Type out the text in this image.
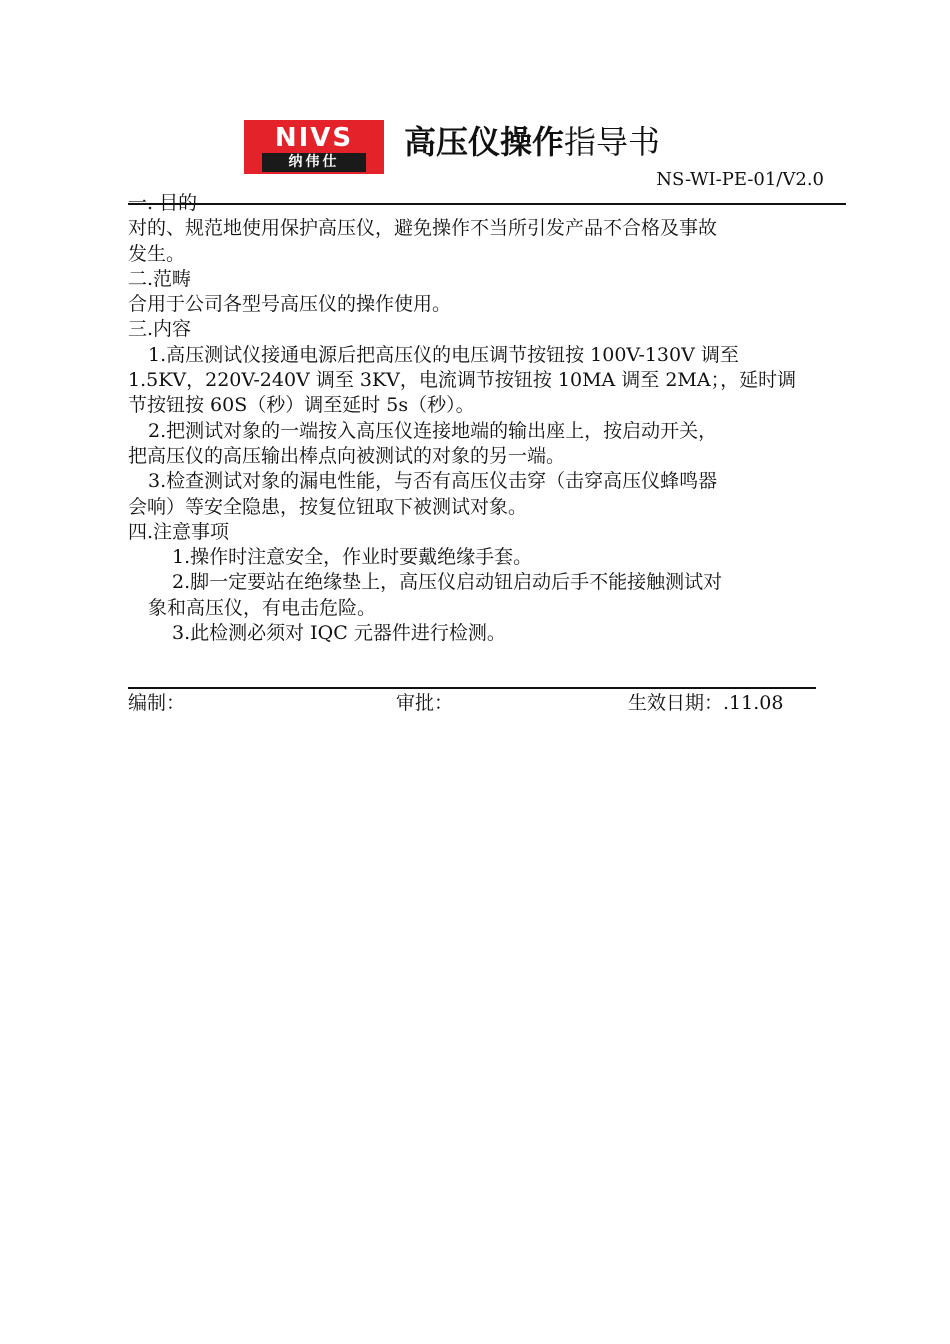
NIVS
纳伟仕
高压仪操作指导书
NS-WI-PE-01/V2.0
一. 目的
对的、规范地使用保护高压仪，避免操作不当所引发产品不合格及事故
发生。
二.范畴
合用于公司各型号高压仪的操作使用。
三.内容
1.高压测试仪接通电源后把高压仪的电压调节按钮按 100V-130V 调至
1.5KV，220V-240V 调至 3KV，电流调节按钮按 10MA 调至 2MA；，延时调
节按钮按 60S（秒）调至延时 5s（秒）。
2.把测试对象的一端按入高压仪连接地端的输出座上，按启动开关，
把高压仪的高压输出棒点向被测试的对象的另一端。
3.检查测试对象的漏电性能，与否有高压仪击穿（击穿高压仪蜂鸣器
会响）等安全隐患，按复位钮取下被测试对象。
四.注意事项
1.操作时注意安全，作业时要戴绝缘手套。
2.脚一定要站在绝缘垫上，高压仪启动钮启动后手不能接触测试对
象和高压仪，有电击危险。
3.此检测必须对 IQC 元器件进行检测。
编制：	审批：	生效日期：.11.08
